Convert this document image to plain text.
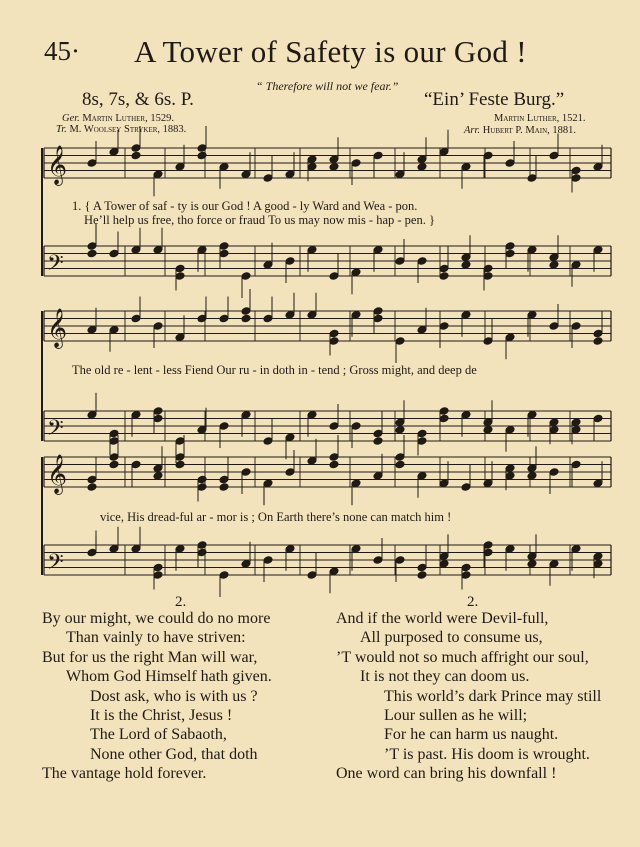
45· A Tower of Safety is our God !
“ Therefore will not we fear.”
8s, 7s, & 6s. P.	“Ein’ Feste Burg.”
Ger. Martin Luther, 1529.
Tr. M. Woolsey Stryker, 1883.
Martin Luther, 1521.
Arr. Hubert P. Main, 1881.
𝄞
𝄢
𝄞
𝄢
𝄞
𝄢
1. { A Tower of saf - ty is our God ! A good - ly Ward and Wea - pon.
He’ll help us free, tho force or fraud To us may now mis - hap - pen. }
The old re - lent - less Fiend Our ru - in doth in - tend ; Gross might, and deep de
vice, His dread-ful ar - mor is ; On Earth there’s none can match him !
2.	2.
By our might, we could do no more
Than vainly to have striven:
But for us the right Man will war,
Whom God Himself hath given.
Dost ask, who is with us ?
It is the Christ, Jesus !
The Lord of Sabaoth,
None other God, that doth
The vantage hold forever.
And if the world were Devil-full,
All purposed to consume us,
’T would not so much affright our soul,
It is not they can doom us.
This world’s dark Prince may still
Lour sullen as he will;
For he can harm us naught.
’T is past. His doom is wrought.
One word can bring his downfall !
